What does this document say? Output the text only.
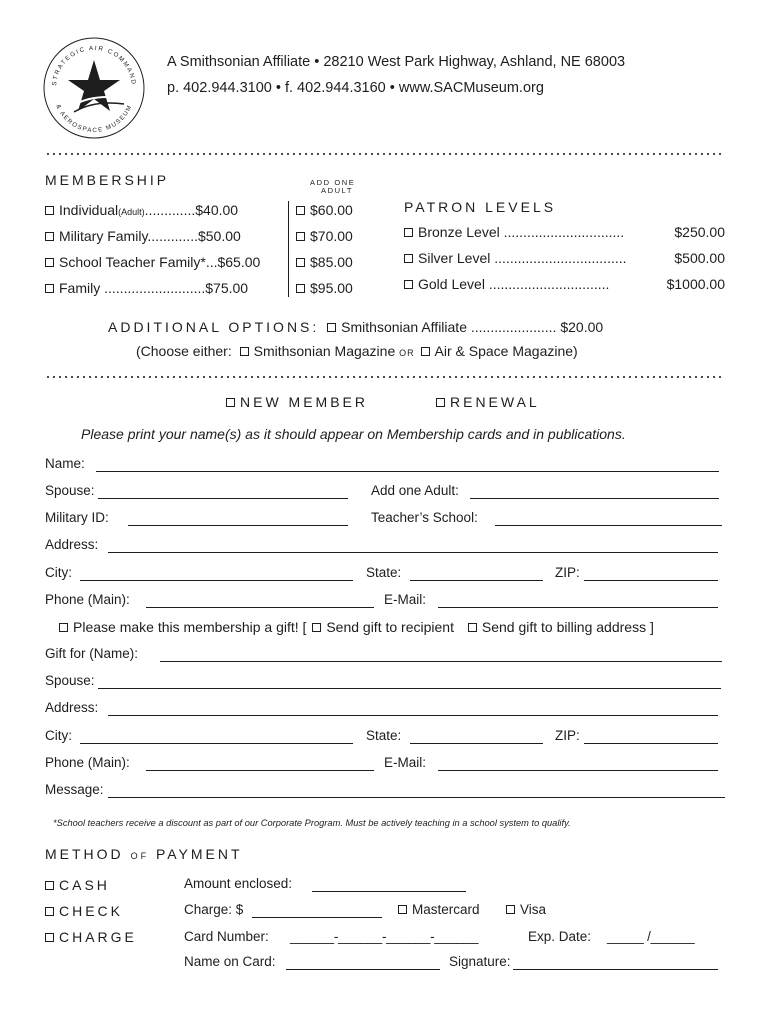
STRATEGIC AIR COMMAND
& AEROSPACE MUSEUM
A Smithsonian Affiliate • 28210 West Park Highway, Ashland, NE 68003
p. 402.944.3100 • f. 402.944.3160 • www.SACMuseum.org
MEMBERSHIP	ADD ONE
ADULT
Individual(Adult).............$40.00	$60.00
Military Family.............$50.00	$70.00
School Teacher Family*...$65.00	$85.00
Family ..........................$75.00	$95.00
PATRON LEVELS
Bronze Level ...............................	$250.00
Silver Level ..................................	$500.00
Gold Level ...............................	$1000.00
ADDITIONAL OPTIONS: Smithsonian Affiliate ...................... $20.00
(Choose either: Smithsonian Magazine OR Air & Space Magazine)
NEW MEMBER	RENEWAL
Please print your name(s) as it should appear on Membership cards and in publications.
Name:
Spouse:	Add one Adult:
Military ID:	Teacher’s School:
Address:
City:	State:	ZIP:
Phone (Main):	E-Mail:
Please make this membership a gift! [ Send gift to recipient Send gift to billing address ]
Gift for (Name):
Spouse:
Address:
City:	State:	ZIP:
Phone (Main):	E-Mail:
Message:
*School teachers receive a discount as part of our Corporate Program. Must be actively teaching in a school system to qualify.
METHOD OF PAYMENT
CASH
CHECK
CHARGE
Amount enclosed:
Charge: $	Mastercard	Visa
Card Number: ______-______-______-______	Exp. Date: _____ /______
Name on Card:	Signature:
